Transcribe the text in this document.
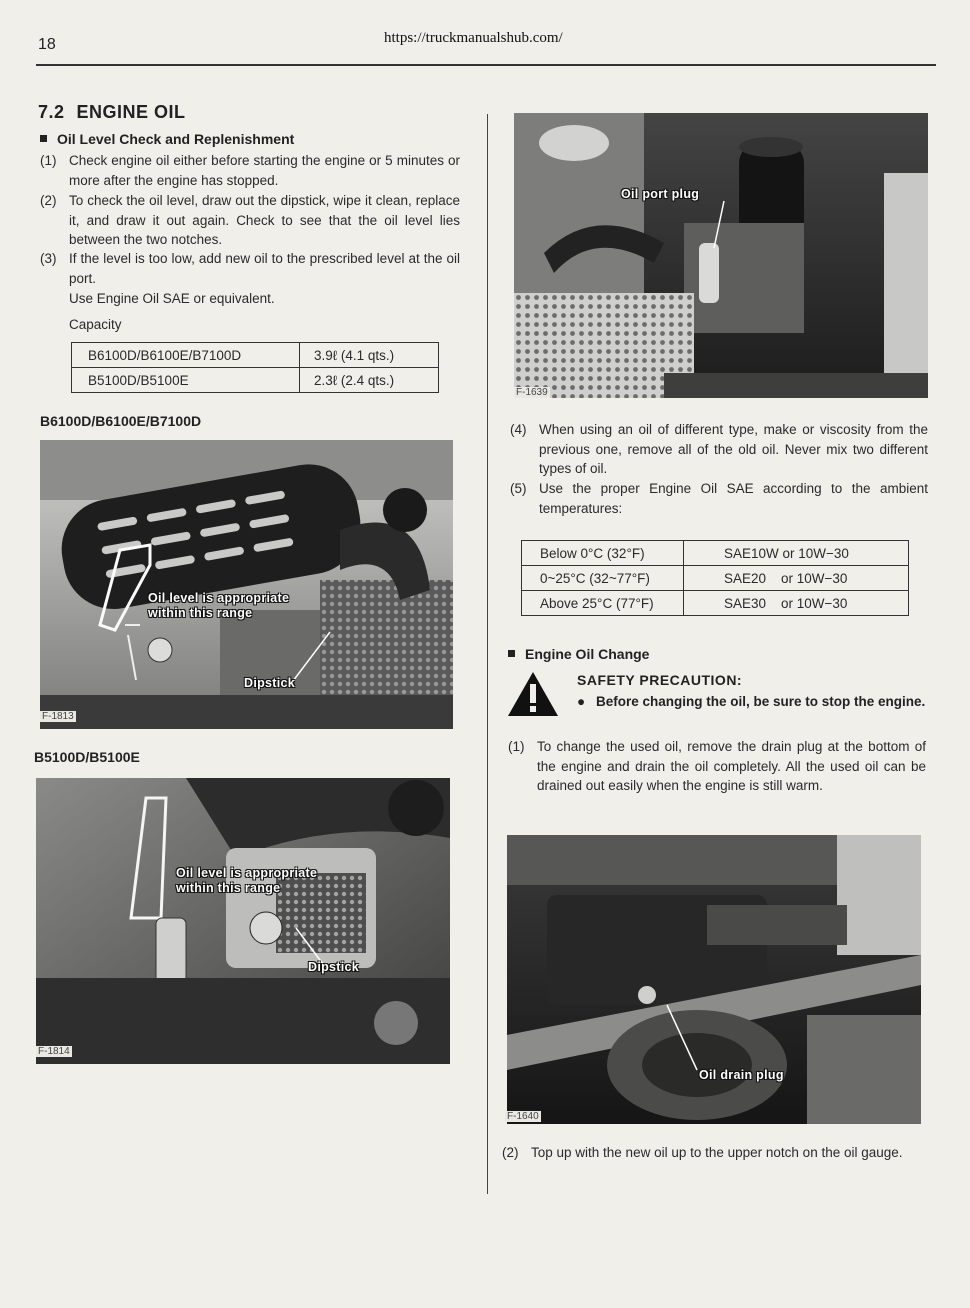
18	https://truckmanualshub.com/
7.2 ENGINE OIL
Oil Level Check and Replenishment
(1) Check engine oil either before starting the engine or 5 minutes or more after the engine has stopped.
(2) To check the oil level, draw out the dipstick, wipe it clean, replace it, and draw it out again. Check to see that the oil level lies between the two notches.
(3) If the level is too low, add new oil to the prescribed level at the oil port.
Use Engine Oil SAE or equivalent.
Capacity
B6100D/B6100E/B7100D	3.9ℓ (4.1 qts.)
B5100D/B5100E	2.3ℓ (2.4 qts.)
B6100D/B6100E/B7100D
Oil level is appropriate
within this range
Dipstick
F-1813
B5100D/B5100E
Oil level is appropriate
within this range
Dipstick
F-1814
Oil port plug
F-1639
(4) When using an oil of different type, make or viscosity from the previous one, remove all of the old oil. Never mix two different types of oil.
(5) Use the proper Engine Oil SAE according to the ambient temperatures:
Below 0°C (32°F)	SAE10W or 10W−30
0~25°C (32~77°F)	SAE20    or 10W−30
Above 25°C (77°F)	SAE30    or 10W−30
Engine Oil Change
SAFETY PRECAUTION:
● Before changing the oil, be sure to stop the engine.
(1) To change the used oil, remove the drain plug at the bottom of the engine and drain the oil completely. All the used oil can be drained out easily when the engine is still warm.
Oil drain plug
F-1640
(2) Top up with the new oil up to the upper notch on the oil gauge.
